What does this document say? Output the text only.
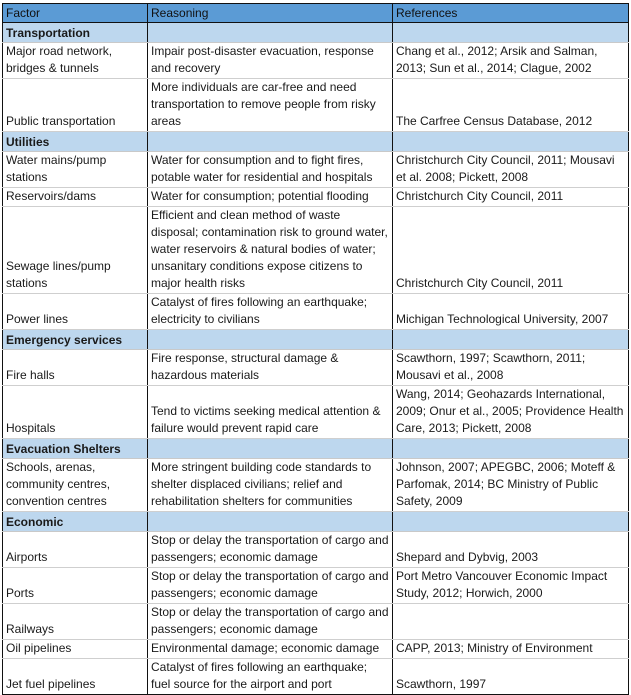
Factor	Reasoning	References
Transportation		
Major road network, bridges & tunnels	Impair post-disaster evacuation, response and recovery	Chang et al., 2012; Arsik and Salman, 2013; Sun et al., 2014; Clague, 2002
Public transportation	More individuals are car-free and need transportation to remove people from risky areas	The Carfree Census Database, 2012
Utilities		
Water mains/pump stations	Water for consumption and to fight fires, potable water for residential and hospitals	Christchurch City Council, 2011; Mousavi et al. 2008; Pickett, 2008
Reservoirs/dams	Water for consumption; potential flooding	Christchurch City Council, 2011
Sewage lines/pump stations	Efficient and clean method of waste disposal; contamination risk to ground water, water reservoirs & natural bodies of water; unsanitary conditions expose citizens to major health risks	Christchurch City Council, 2011
Power lines	Catalyst of fires following an earthquake; electricity to civilians	Michigan Technological University, 2007
Emergency services		
Fire halls	Fire response, structural damage & hazardous materials	Scawthorn, 1997; Scawthorn, 2011; Mousavi et al., 2008
Hospitals	Tend to victims seeking medical attention & failure would prevent rapid care	Wang, 2014; Geohazards International, 2009; Onur et al., 2005; Providence Health Care, 2013; Pickett, 2008
Evacuation Shelters		
Schools, arenas, community centres, convention centres	More stringent building code standards to shelter displaced civilians; relief and rehabilitation shelters for communities	Johnson, 2007; APEGBC, 2006; Moteff & Parfomak, 2014; BC Ministry of Public Safety, 2009
Economic		
Airports	Stop or delay the transportation of cargo and passengers; economic damage	Shepard and Dybvig, 2003
Ports	Stop or delay the transportation of cargo and passengers; economic damage	Port Metro Vancouver Economic Impact Study, 2012; Horwich, 2000
Railways	Stop or delay the transportation of cargo and passengers; economic damage	
Oil pipelines	Environmental damage; economic damage	CAPP, 2013; Ministry of Environment
Jet fuel pipelines	Catalyst of fires following an earthquake; fuel source for the airport and port	Scawthorn, 1997
